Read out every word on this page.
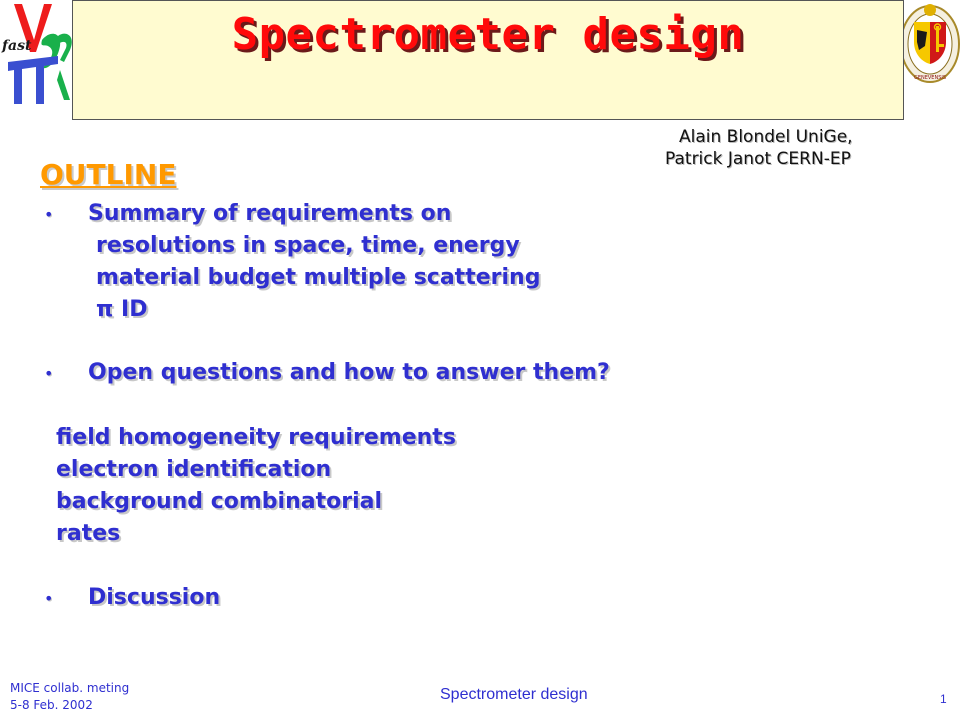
fast
GENEVENSIS
Spectrometer design
Alain Blondel UniGe,
Patrick Janot CERN-EP
OUTLINE
• Summary of requirements on
resolutions in space, time, energy
material budget multiple scattering
π ID
• Open questions and how to answer them?
field homogeneity requirements
electron identification
background combinatorial
rates
• Discussion
MICE collab. meting
5-8 Feb. 2002
Spectrometer design	1
